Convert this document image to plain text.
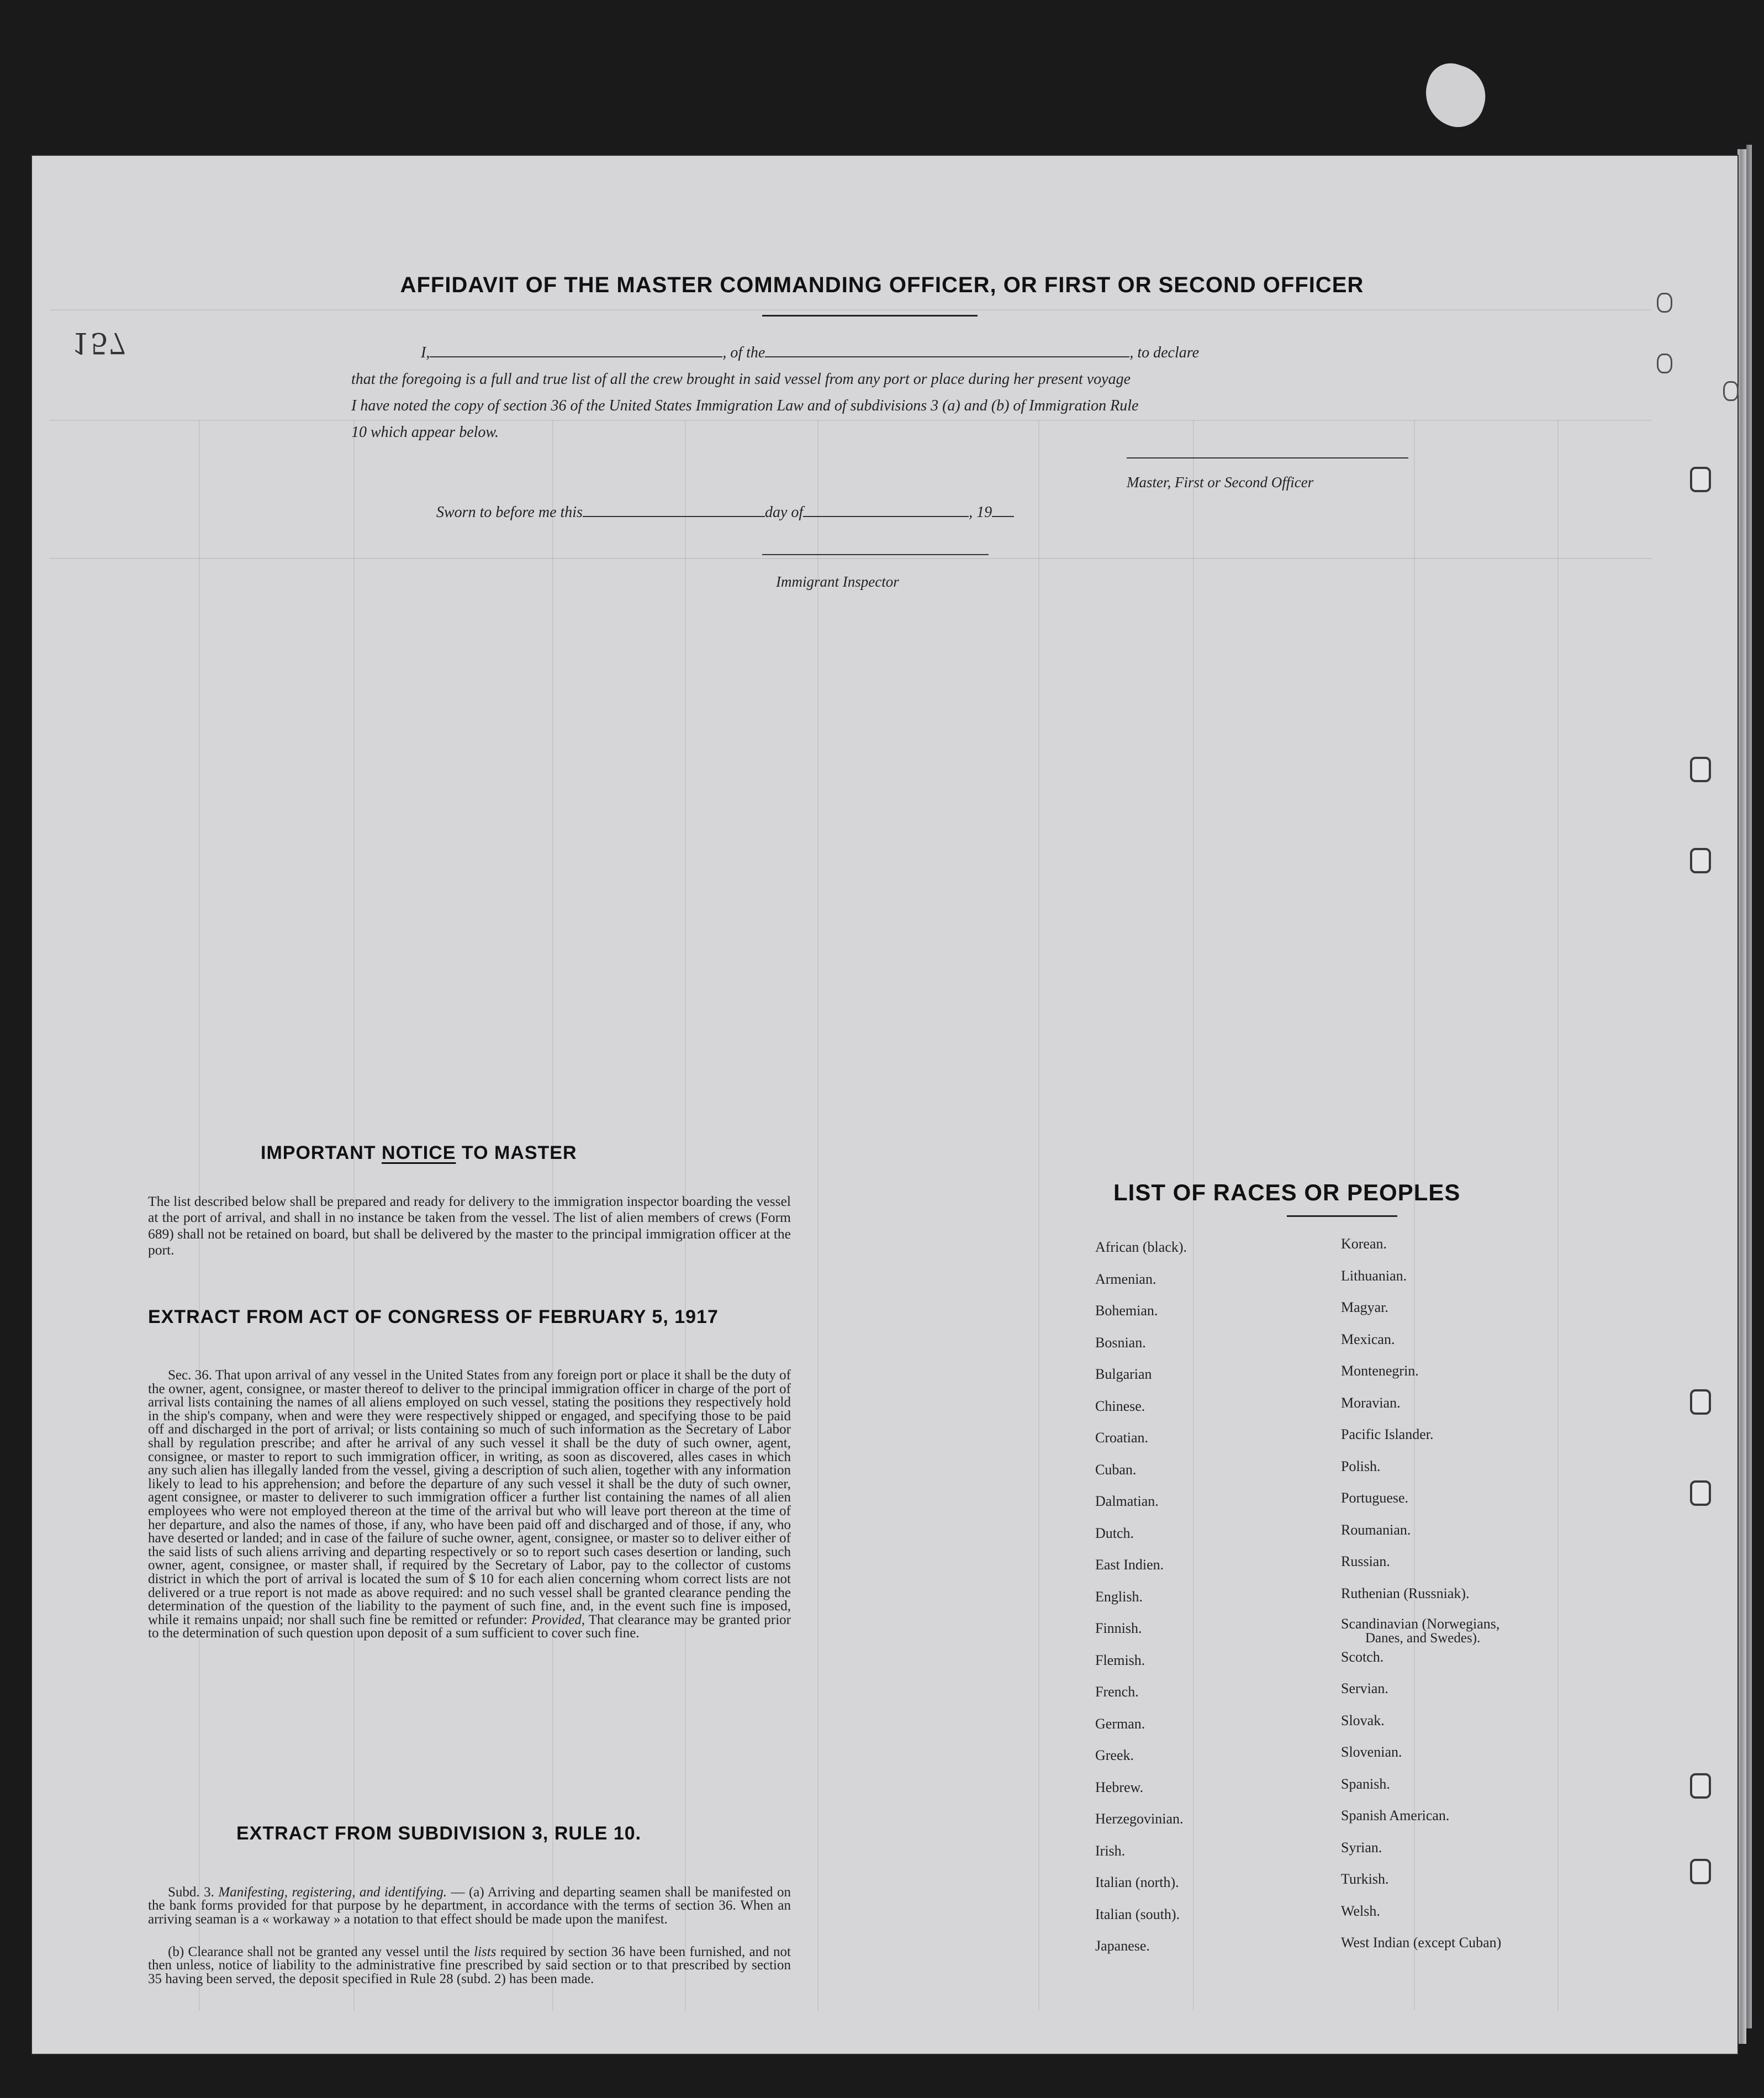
157
AFFIDAVIT OF THE MASTER COMMANDING OFFICER, OR FIRST OR SECOND OFFICER
I,	, of the	, to declare
that the foregoing is a full and true list of all the crew brought in said vessel from any port or place during her present voyage
I have noted the copy of section 36 of the United States Immigration Law and of subdivisions 3 (a) and (b) of Immigration Rule
10 which appear below.
Master, First or Second Officer
Sworn to before me this	day of	, 19
Immigrant Inspector
IMPORTANT NOTICE TO MASTER
The list described below shall be prepared and ready for delivery to the immigration inspector boarding the vessel at the port of arrival, and shall in no instance be taken from the vessel. The list of alien members of crews (Form 689) shall not be retained on board, but shall be delivered by the master to the principal immigration officer at the port.
EXTRACT FROM ACT OF CONGRESS OF FEBRUARY 5, 1917
Sec. 36. That upon arrival of any vessel in the United States from any foreign port or place it shall be the duty of the owner, agent, consignee, or master thereof to deliver to the principal immigration officer in charge of the port of arrival lists containing the names of all aliens employed on such vessel, stating the positions they respectively hold in the ship's company, when and were they were respectively shipped or engaged, and specifying those to be paid off and discharged in the port of arrival; or lists containing so much of such information as the Secretary of Labor shall by regulation prescribe; and after he arrival of any such vessel it shall be the duty of such owner, agent, consignee, or master to report to such immigration officer, in writing, as soon as discovered, alles cases in which any such alien has illegally landed from the vessel, giving a description of such alien, together with any information likely to lead to his apprehension; and before the departure of any such vessel it shall be the duty of such owner, agent consignee, or master to deliverer to such immigration officer a further list containing the names of all alien employees who were not employed thereon at the time of the arrival but who will leave port thereon at the time of her departure, and also the names of those, if any, who have been paid off and discharged and of those, if any, who have deserted or landed; and in case of the failure of suche owner, agent, consignee, or master so to deliver either of the said lists of such aliens arriving and departing respectively or so to report such cases desertion or landing, such owner, agent, consignee, or master shall, if required by the Secretary of Labor, pay to the collector of customs district in which the port of arrival is located the sum of $ 10 for each alien concerning whom correct lists are not delivered or a true report is not made as above required: and no such vessel shall be granted clearance pending the determination of the question of the liability to the payment of such fine, and, in the event such fine is imposed, while it remains unpaid; nor shall such fine be remitted or refunder: Provided, That clearance may be granted prior to the determination of such question upon deposit of a sum sufficient to cover such fine.
EXTRACT FROM SUBDIVISION 3, RULE 10.
Subd. 3. Manifesting, registering, and identifying. — (a) Arriving and departing seamen shall be manifested on the bank forms provided for that purpose by he department, in accordance with the terms of section 36. When an arriving seaman is a « workaway » a notation to that effect should be made upon the manifest.
(b) Clearance shall not be granted any vessel until the lists required by section 36 have been furnished, and not then unless, notice of liability to the administrative fine prescribed by said section or to that prescribed by section 35 having been served, the deposit specified in Rule 28 (subd. 2) has been made.
LIST OF RACES OR PEOPLES
African (black).
Armenian.
Bohemian.
Bosnian.
Bulgarian
Chinese.
Croatian.
Cuban.
Dalmatian.
Dutch.
East Indien.
English.
Finnish.
Flemish.
French.
German.
Greek.
Hebrew.
Herzegovinian.
Irish.
Italian (north).
Italian (south).
Japanese.
Korean.
Lithuanian.
Magyar.
Mexican.
Montenegrin.
Moravian.
Pacific Islander.
Polish.
Portuguese.
Roumanian.
Russian.
Ruthenian (Russniak).
Scandinavian (Norwegians,
Danes, and Swedes).
Scotch.
Servian.
Slovak.
Slovenian.
Spanish.
Spanish American.
Syrian.
Turkish.
Welsh.
West Indian (except Cuban)
